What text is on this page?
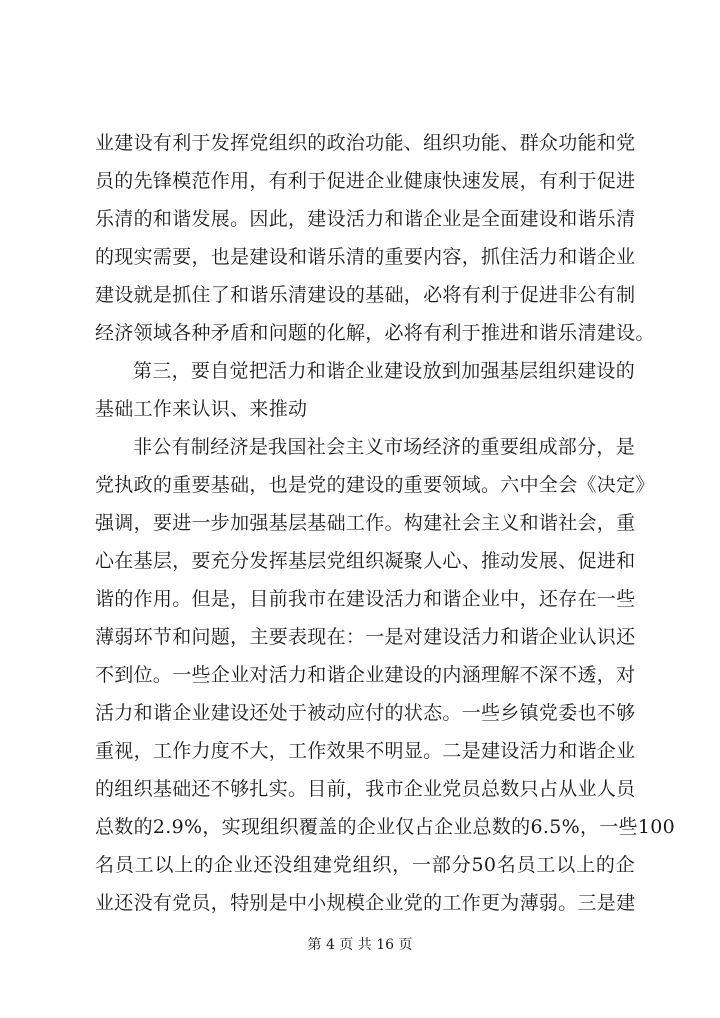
业建设有利于发挥党组织的政治功能、组织功能、群众功能和党
员的先锋模范作用，有利于促进企业健康快速发展，有利于促进
乐清的和谐发展。因此，建设活力和谐企业是全面建设和谐乐清
的现实需要，也是建设和谐乐清的重要内容，抓住活力和谐企业
建设就是抓住了和谐乐清建设的基础，必将有利于促进非公有制
经济领域各种矛盾和问题的化解，必将有利于推进和谐乐清建设。
第三，要自觉把活力和谐企业建设放到加强基层组织建设的
基础工作来认识、来推动
非公有制经济是我国社会主义市场经济的重要组成部分，是
党执政的重要基础，也是党的建设的重要领域。六中全会《决定》
强调，要进一步加强基层基础工作。构建社会主义和谐社会，重
心在基层，要充分发挥基层党组织凝聚人心、推动发展、促进和
谐的作用。但是，目前我市在建设活力和谐企业中，还存在一些
薄弱环节和问题，主要表现在：一是对建设活力和谐企业认识还
不到位。一些企业对活力和谐企业建设的内涵理解不深不透，对
活力和谐企业建设还处于被动应付的状态。一些乡镇党委也不够
重视，工作力度不大，工作效果不明显。二是建设活力和谐企业
的组织基础还不够扎实。目前，我市企业党员总数只占从业人员
总数的2.9%，实现组织覆盖的企业仅占企业总数的6.5%，一些100
名员工以上的企业还没组建党组织，一部分50名员工以上的企
业还没有党员，特别是中小规模企业党的工作更为薄弱。三是建
第 4 页 共 16 页
